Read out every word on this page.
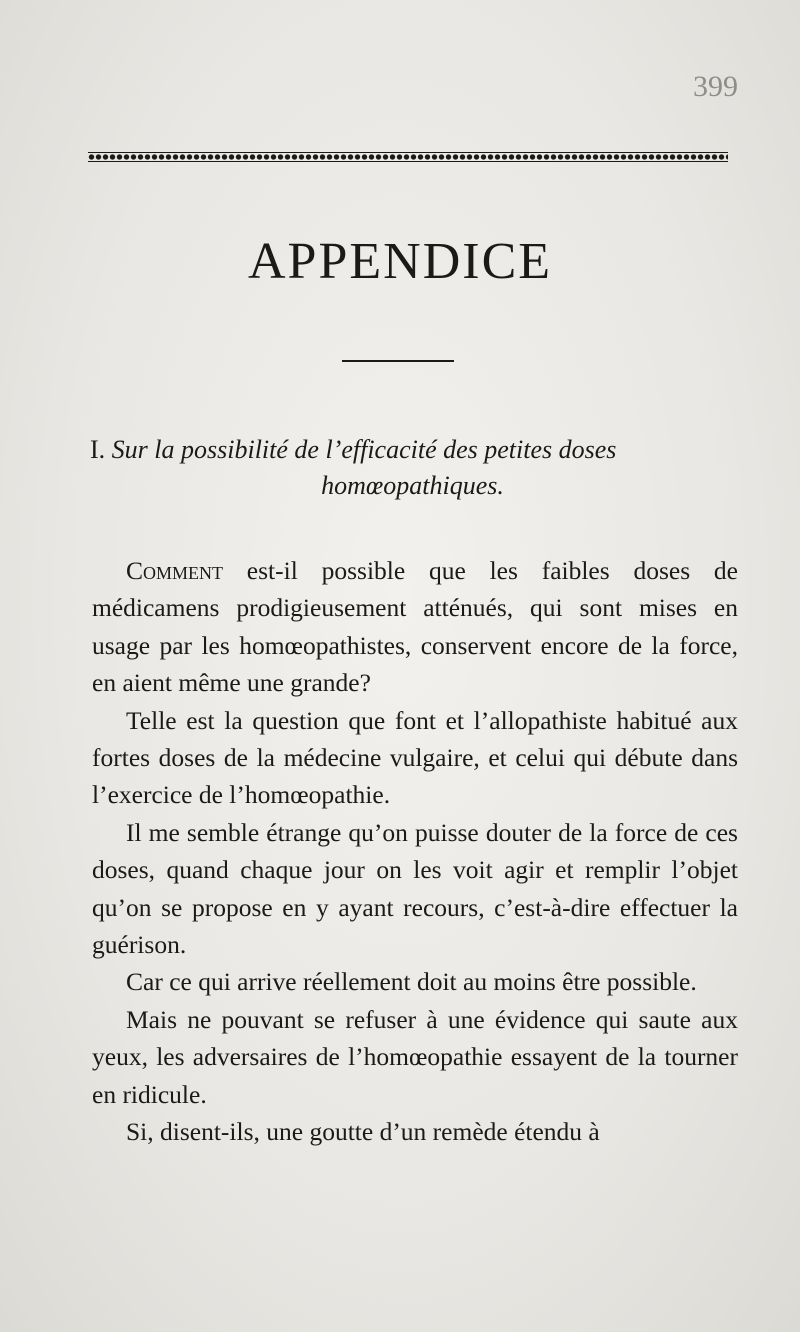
399
APPENDICE
I. Sur la possibilité de l’efficacité des petites doses
homœopathiques.

Comment est-il possible que les faibles doses de médicamens prodigieusement atténués, qui sont mises en usage par les homœopathistes, conservent encore de la force, en aient même une grande?

Telle est la question que font et l’allopathiste habitué aux fortes doses de la médecine vulgaire, et celui qui débute dans l’exercice de l’homœopathie.

Il me semble étrange qu’on puisse douter de la force de ces doses, quand chaque jour on les voit agir et remplir l’objet qu’on se propose en y ayant recours, c’est-à-dire effectuer la guérison.

Car ce qui arrive réellement doit au moins être possible.

Mais ne pouvant se refuser à une évidence qui saute aux yeux, les adversaires de l’homœopathie essayent de la tourner en ridicule.

Si, disent-ils, une goutte d’un remède étendu à
